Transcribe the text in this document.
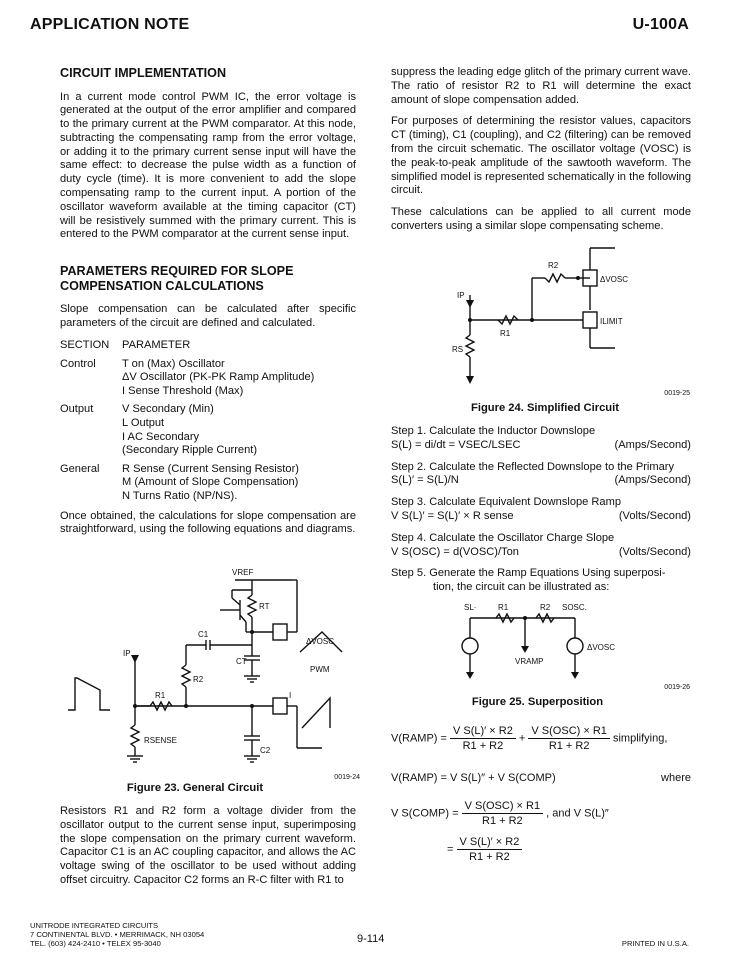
APPLICATION NOTE	U-100A
CIRCUIT IMPLEMENTATION

In a current mode control PWM IC, the error voltage is generated at the output of the error amplifier and compared to the primary current at the PWM comparator. At this node, subtracting the compensating ramp from the error voltage, or adding it to the primary current sense input will have the same effect: to decrease the pulse width as a function of duty cycle (time). It is more convenient to add the slope compensating ramp to the current input. A portion of the oscillator waveform available at the timing capacitor (CT) will be resistively summed with the primary current. This is entered to the PWM comparator at the current sense input.

PARAMETERS REQUIRED FOR SLOPE COMPENSATION CALCULATIONS

Slope compensation can be calculated after specific parameters of the circuit are defined and calculated.

SECTION	PARAMETER
Control	T on (Max) Oscillator
ΔV Oscillator (PK-PK Ramp Amplitude)
I Sense Threshold (Max)
Output	V Secondary (Min)
L Output
I AC Secondary
(Secondary Ripple Current)
General	R Sense (Current Sensing Resistor)
M (Amount of Slope Compensation)
N Turns Ratio (NP/NS).

Once obtained, the calculations for slope compensation are straightforward, using the following equations and diagrams.

VREF
RT
CT
C1
C2
R1
R2
RSENSE
IP
ΔVOSC
PWM
I
Figure 23. General Circuit
0019-24

Resistors R1 and R2 form a voltage divider from the oscillator output to the current sense input, superimposing the slope compensation on the primary current waveform. Capacitor C1 is an AC coupling capacitor, and allows the AC voltage swing of the oscillator to be used without adding offset circuitry. Capacitor C2 forms an R-C filter with R1 to

suppress the leading edge glitch of the primary current wave. The ratio of resistor R2 to R1 will determine the exact amount of slope compensation added.

For purposes of determining the resistor values, capacitors CT (timing), C1 (coupling), and C2 (filtering) can be removed from the circuit schematic. The oscillator voltage (VOSC) is the peak-to-peak amplitude of the sawtooth waveform. The simplified model is represented schematically in the following circuit.

These calculations can be applied to all current mode converters using a similar slope compensating scheme.

R2
R1
RS
IP
ΔVOSC
ILIMIT
0019-25
Figure 24. Simplified Circuit
Step 1. Calculate the Inductor Downslope
S(L) = di/dt = VSEC/LSEC	(Amps/Second)
Step 2. Calculate the Reflected Downslope to the Primary
S(L)′ = S(L)/N	(Amps/Second)
Step 3. Calculate Equivalent Downslope Ramp
V S(L)′ = S(L)′ × R sense	(Volts/Second)
Step 4. Calculate the Oscillator Charge Slope
V S(OSC) = d(VOSC)/Ton	(Volts/Second)
Step 5. Generate the Ramp Equations Using superposi-
tion, the circuit can be illustrated as:
SL·	R1	R2 SOSC.
VRAMP
ΔVOSC
0019-26
Figure 25. Superposition
V(RAMP) = $\frac{\text{V S(L)′ × R2}}{R1 + R2} + \frac{\text{V S(OSC) × R1}}{R1 + R2}$ simplifying,
V(RAMP) = V S(L)″ + V S(COMP)	where
V S(COMP) = $\frac{\text{V S(OSC) × R1}}{R1 + R2}$ , and V S(L)″
= $\frac{\text{V S(L)′ × R2}}{R1 + R2}$
UNITRODE INTEGRATED CIRCUITS
7 CONTINENTAL BLVD. • MERRIMACK, NH 03054
TEL. (603) 424-2410 • TELEX 95-3040	9-114	PRINTED IN U.S.A.
